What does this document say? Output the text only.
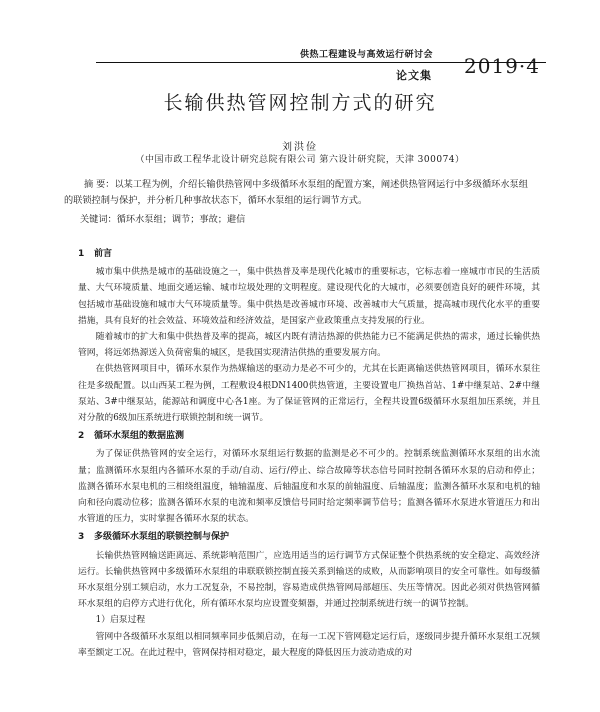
供热工程建设与高效运行研讨会 2019·4
论文集
长输供热管网控制方式的研究
刘洪俭
（中国市政工程华北设计研究总院有限公司 第六设计研究院，天津 300074）
摘 要：以某工程为例，介绍长输供热管网中多级循环水泵组的配置方案，阐述供热管网运行中多级循环水泵组的联锁控制与保护，并分析几种事故状态下，循环水泵组的运行调节方式。
关键词：循环水泵组；调节；事故；避信
1 前言

城市集中供热是城市的基础设施之一，集中供热普及率是现代化城市的重要标志，它标志着一座城市市民的生活质量、大气环境质量、地面交通运输、城市垃圾处理的文明程度。建设现代化的大城市，必须要创造良好的硬件环境，其包括城市基础设施和城市大气环境质量等。集中供热是改善城市环境、改善城市大气质量，提高城市现代化水平的重要措施，具有良好的社会效益、环境效益和经济效益，是国家产业政策重点支持发展的行业。

随着城市的扩大和集中供热普及率的提高，城区内既有清洁热源的供热能力已不能满足供热的需求，通过长输供热管网，将远郊热源送入负荷密集的城区，是我国实现清洁供热的重要发展方向。

在供热管网项目中，循环水泵作为热媒输送的驱动力是必不可少的，尤其在长距离输送供热管网项目，循环水泵往往是多级配置。以山西某工程为例，工程敷设4根DN1400供热管道，主要设置电厂换热首站、1#中继泵站、2#中继泵站、3#中继泵站，能源站和调度中心各1座。为了保证管网的正常运行，全程共设置6级循环水泵组加压系统，并且对分散的6级加压系统进行联锁控制和统一调节。

2 循环水泵组的数据监测

为了保证供热管网的安全运行，对循环水泵组运行数据的监测是必不可少的。控制系统监测循环水泵组的出水流量；监测循环水泵组内各循环水泵的手动/自动、运行/停止、综合故障等状态信号同时控制各循环水泵的启动和停止；监测各循环水泵电机的三相绕组温度，轴轴温度、后轴温度和水泵的前轴温度、后轴温度；监测各循环水泵和电机的轴向和径向震动位移；监测各循环水泵的电流和频率反馈信号同时给定频率调节信号；监测各循环水泵进水管道压力和出水管道的压力，实时掌握各循环水泵的状态。

3 多级循环水泵组的联锁控制与保护

长输供热管网输送距离远、系统影响范围广，应选用适当的运行调节方式保证整个供热系统的安全稳定、高效经济运行。长输供热管网中多级循环水泵组的串联联锁控制直接关系到输送的成败，从而影响项目的安全可靠性。如每级循环水泵组分别工频启动，水力工况复杂，不易控制，容易造成供热管网局部超压、失压等情况。因此必须对供热管网循环水泵组的启停方式进行优化，所有循环水泵均应设置变频器，并通过控制系统进行统一的调节控制。

1）启泵过程

管网中各级循环水泵组以相同频率同步低频启动，在每一工况下管网稳定运行后，逐级同步提升循环水泵组工况频率至额定工况。在此过程中，管网保持相对稳定，最大程度的降低因压力波动造成的对
